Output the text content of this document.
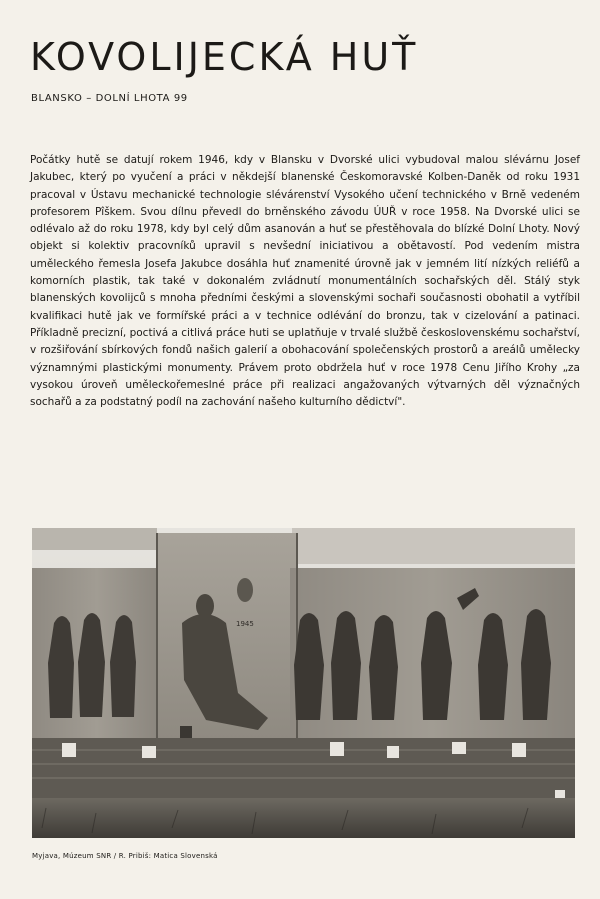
KOVOLIJECKÁ HUŤ

BLANSKO – DOLNÍ LHOTA 99

Počátky hutě se datují rokem 1946, kdy v Blansku v Dvorské ulici vybudoval malou slévárnu Josef Jakubec, který po vyučení a práci v někdejší blanenské Českomoravské Kolben-Daněk od roku 1931 pracoval v Ústavu mechanické technologie slévárenství Vysokého učení technického v Brně vedeném profesorem Pîškem. Svou dílnu převedl do brněnského závodu ÚUŘ v roce 1958. Na Dvorské ulici se odlévalo až do roku 1978, kdy byl celý dům asanován a huť se přestěhovala do blízké Dolní Lhoty. Nový objekt si kolektiv pracovníků upravil s nevšední iniciativou a obětavostí. Pod vedením mistra uměleckého řemesla Josefa Jakubce dosáhla huť znamenité úrovně jak v jemném lití nízkých reliéfů a komorních plastik, tak také v dokonalém zvládnutí monumentálních sochařských děl. Stálý styk blanenských kovolijců s mnoha předními českými a slovenskými sochaři současnosti obohatil a vytříbil kvalifikaci hutě jak ve formířské práci a v technice odlévání do bronzu, tak v cizelování a patinaci. Příkladně precizní, poctivá a citlivá práce huti se uplatňuje v trvalé službě československému sochařství, v rozšiřování sbírkových fondů našich galerií a obohacování společenských prostorů a areálů umělecky významnými plastickými monumenty. Právem proto obdržela huť v roce 1978 Cenu Jiřího Krohy „za vysokou úroveň uměleckořemeslné práce při realizaci angažovaných výtvarných děl význačných sochařů a za podstatný podíl na zachování našeho kulturního dědictví".

1945

Myjava, Múzeum SNR / R. Pribiš: Matica Slovenská
